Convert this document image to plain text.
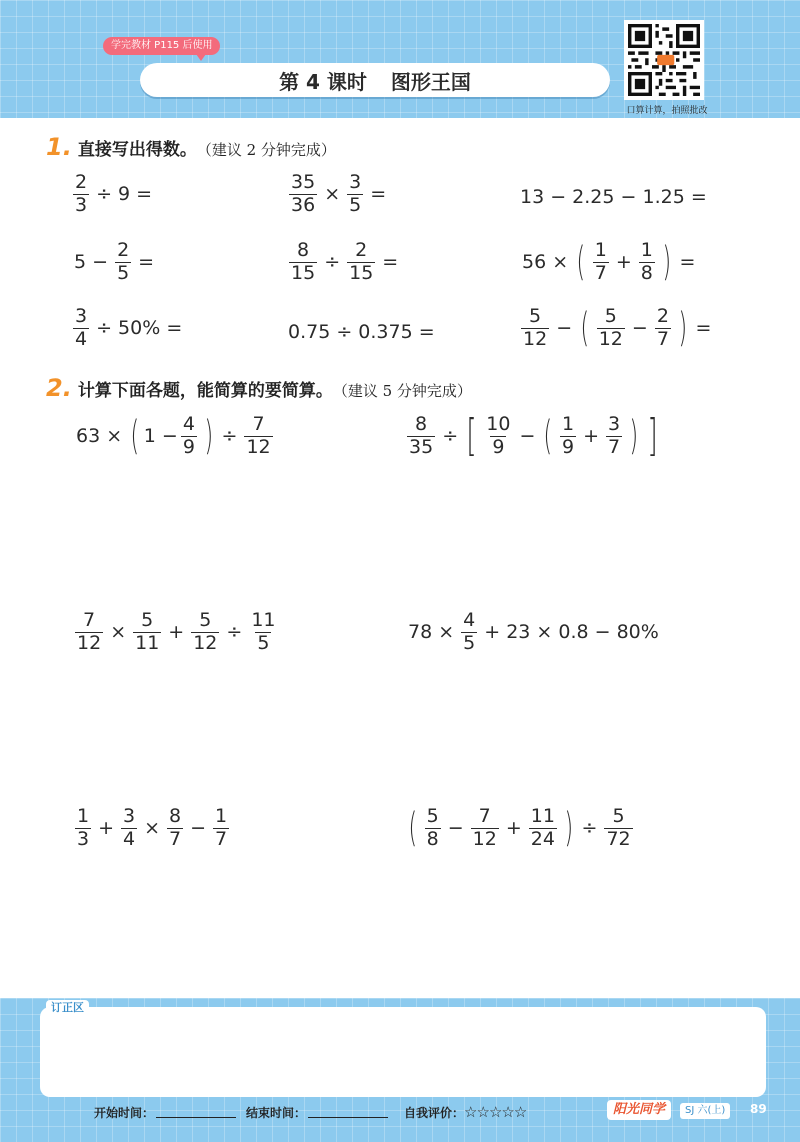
学完教材 P115 后使用
第 4 课时 图形王国
口算计算，拍照批改
1. 直接写出得数。 （建议 2 分钟完成）
$\frac{2}{3} \div 9$ =	$\frac{35}{36} \times \frac{3}{5}$ =	13 − 2.25 − 1.25 =
$5 - \frac{2}{5}$ =	$\frac{8}{15} \div \frac{2}{15}$ =	56 × ( $\frac{1}{7} + \frac{1}{8}$ ) =
$\frac{3}{4} \div 50\%$ =	0.75 ÷ 0.375 =	$\frac{5}{12}$ − ( $\frac{5}{12} - \frac{2}{7}$ ) =
2. 计算下面各题，能简算的要简算。 （建议 5 分钟完成）
63 × ( $1 - \frac{4}{9}$ ) ÷ $\frac{7}{12}$	$\frac{8}{35}$ ÷ [ $\frac{10}{9}$ − ( $\frac{1}{9} + \frac{3}{7}$ ) ]
$\frac{7}{12} \times \frac{5}{11} + \frac{5}{12} \div \frac{11}{5}$	$78 \times \frac{4}{5} + 23 \times 0.8 - 80\%$
$\frac{1}{3} + \frac{3}{4} \times \frac{8}{7} - \frac{1}{7}$	( $\frac{5}{8} - \frac{7}{12} + \frac{11}{24}$ ) ÷ $\frac{5}{72}$
订正区
开始时间：	结束时间：	自我评价： ☆☆☆☆☆	阳光同学	SJ 六(上)	89
